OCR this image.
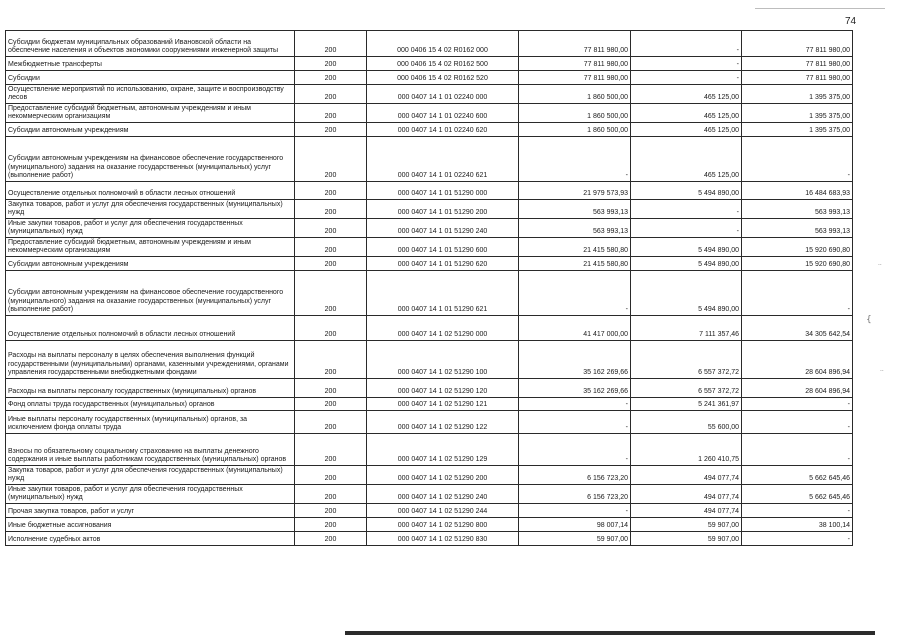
74
Субсидии бюджетам муниципальных образований Ивановской области на обеспечение населения и объектов экономики сооружениями инженерной защиты	200	000 0406 15 4 02 R0162 000	77 811 980,00	-	77 811 980,00
Межбюджетные трансферты	200	000 0406 15 4 02 R0162 500	77 811 980,00	-	77 811 980,00
Субсидии	200	000 0406 15 4 02 R0162 520	77 811 980,00	-	77 811 980,00
Осуществление мероприятий по использованию, охране, защите и воспроизводству лесов	200	000 0407 14 1 01 02240 000	1 860 500,00	465 125,00	1 395 375,00
Предоставление субсидий бюджетным, автономным учреждениям и иным некоммерческим организациям	200	000 0407 14 1 01 02240 600	1 860 500,00	465 125,00	1 395 375,00
Субсидии автономным учреждениям	200	000 0407 14 1 01 02240 620	1 860 500,00	465 125,00	1 395 375,00
Субсидии автономным учреждениям на финансовое обеспечение государственного (муниципального) задания на оказание государственных (муниципальных) услуг (выполнение работ)	200	000 0407 14 1 01 02240 621	-	465 125,00	-
Осуществление отдельных полномочий в области лесных отношений	200	000 0407 14 1 01 51290 000	21 979 573,93	5 494 890,00	16 484 683,93
Закупка товаров, работ и услуг для обеспечения государственных (муниципальных) нужд	200	000 0407 14 1 01 51290 200	563 993,13	-	563 993,13
Иные закупки товаров, работ и услуг для обеспечения государственных (муниципальных) нужд	200	000 0407 14 1 01 51290 240	563 993,13	-	563 993,13
Предоставление субсидий бюджетным, автономным учреждениям и иным некоммерческим организациям	200	000 0407 14 1 01 51290 600	21 415 580,80	5 494 890,00	15 920 690,80
Субсидии автономным учреждениям	200	000 0407 14 1 01 51290 620	21 415 580,80	5 494 890,00	15 920 690,80
Субсидии автономным учреждениям на финансовое обеспечение государственного (муниципального) задания на оказание государственных (муниципальных) услуг (выполнение работ)	200	000 0407 14 1 01 51290 621	-	5 494 890,00	-
Осуществление отдельных полномочий в области лесных отношений	200	000 0407 14 1 02 51290 000	41 417 000,00	7 111 357,46	34 305 642,54
Расходы на выплаты персоналу в целях обеспечения выполнения функций государственными (муниципальными) органами, казенными учреждениями, органами управления государственными внебюджетными фондами	200	000 0407 14 1 02 51290 100	35 162 269,66	6 557 372,72	28 604 896,94
Расходы на выплаты персоналу государственных (муниципальных) органов	200	000 0407 14 1 02 51290 120	35 162 269,66	6 557 372,72	28 604 896,94
Фонд оплаты труда государственных (муниципальных) органов	200	000 0407 14 1 02 51290 121	-	5 241 361,97	-
Иные выплаты персоналу государственных (муниципальных) органов, за исключением фонда оплаты труда	200	000 0407 14 1 02 51290 122	-	55 600,00	-
Взносы по обязательному социальному страхованию на выплаты денежного содержания и иные выплаты работникам государственных (муниципальных) органов	200	000 0407 14 1 02 51290 129	-	1 260 410,75	-
Закупка товаров, работ и услуг для обеспечения государственных (муниципальных) нужд	200	000 0407 14 1 02 51290 200	6 156 723,20	494 077,74	5 662 645,46
Иные закупки товаров, работ и услуг для обеспечения государственных (муниципальных) нужд	200	000 0407 14 1 02 51290 240	6 156 723,20	494 077,74	5 662 645,46
Прочая закупка товаров, работ и услуг	200	000 0407 14 1 02 51290 244	-	494 077,74	-
Иные бюджетные ассигнования	200	000 0407 14 1 02 51290 800	98 007,14	59 907,00	38 100,14
Исполнение судебных актов	200	000 0407 14 1 02 51290 830	59 907,00	59 907,00	-
{
··
··
